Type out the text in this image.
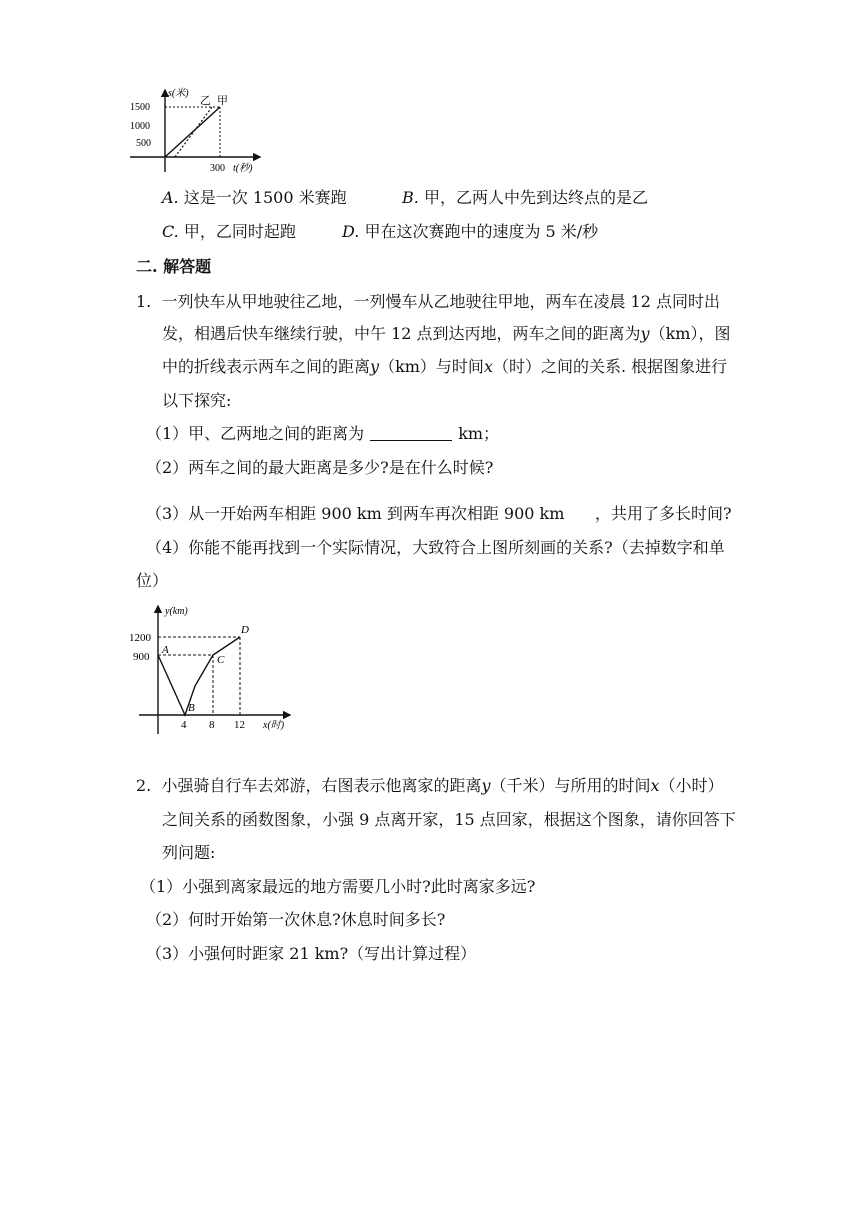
s(米)
1500
1000
500
乙 甲
300 t(秒)
A. 这是一次 1500 米赛跑	B. 甲，乙两人中先到达终点的是乙
C. 甲，乙同时起跑	D. 甲在这次赛跑中的速度为 5 米/秒
二. 解答题
1. 一列快车从甲地驶往乙地，一列慢车从乙地驶往甲地，两车在凌晨 12 点同时出
发，相遇后快车继续行驶，中午 12 点到达丙地，两车之间的距离为y（km），图
中的折线表示两车之间的距离y（km）与时间x（时）之间的关系. 根据图象进行
以下探究:
（1）甲、乙两地之间的距离为	km；
（2）两车之间的最大距离是多少?是在什么时候?
（3）从一开始两车相距 900 km 到两车再次相距 900 km ，共用了多长时间?
（4）你能不能再找到一个实际情况，大致符合上图所刻画的关系?（去掉数字和单
位）
y(km)
1200
900
A
B
C
D
4 8 12 x(时)
2. 小强骑自行车去郊游，右图表示他离家的距离y（千米）与所用的时间x（小时）
之间关系的函数图象，小强 9 点离开家，15 点回家，根据这个图象，请你回答下
列问题:
（1）小强到离家最远的地方需要几小时?此时离家多远?
（2）何时开始第一次休息?休息时间多长?
（3）小强何时距家 21 km?（写出计算过程）
